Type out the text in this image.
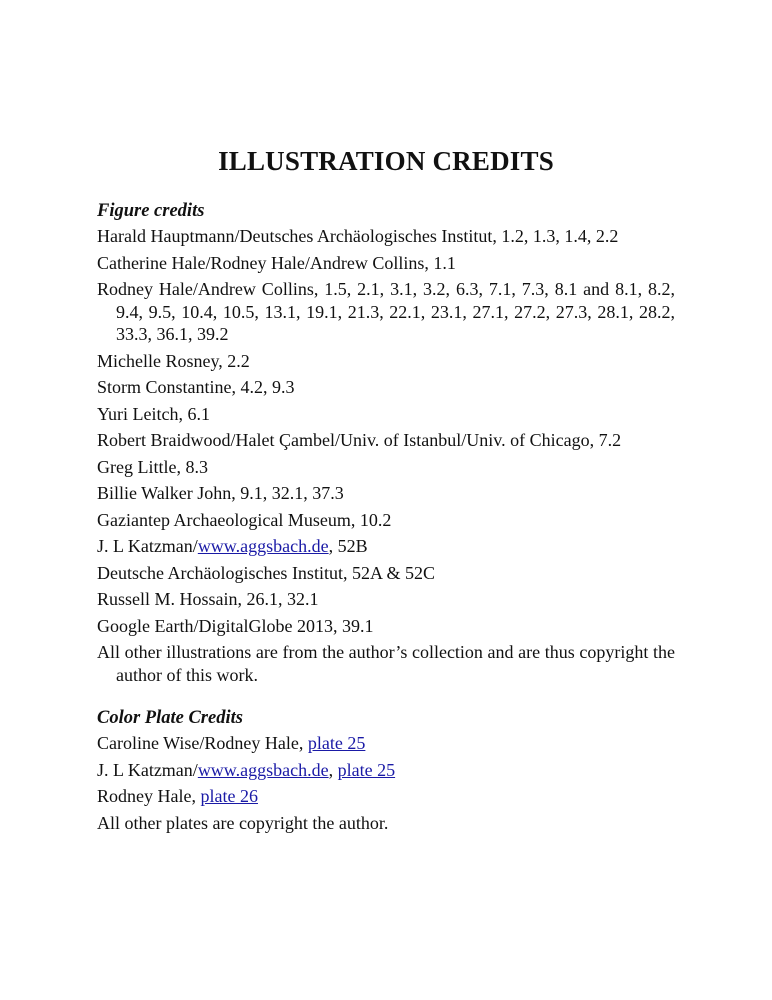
ILLUSTRATION CREDITS
Figure credits
Harald Hauptmann/Deutsches Archäologisches Institut, 1.2, 1.3, 1.4, 2.2
Catherine Hale/Rodney Hale/Andrew Collins, 1.1
Rodney Hale/Andrew Collins, 1.5, 2.1, 3.1, 3.2, 6.3, 7.1, 7.3, 8.1 and 8.1, 8.2, 9.4, 9.5, 10.4, 10.5, 13.1, 19.1, 21.3, 22.1, 23.1, 27.1, 27.2, 27.3, 28.1, 28.2, 33.3, 36.1, 39.2
Michelle Rosney, 2.2
Storm Constantine, 4.2, 9.3
Yuri Leitch, 6.1
Robert Braidwood/Halet Çambel/Univ. of Istanbul/Univ. of Chicago, 7.2
Greg Little, 8.3
Billie Walker John, 9.1, 32.1, 37.3
Gaziantep Archaeological Museum, 10.2
J. L Katzman/www.aggsbach.de, 52B
Deutsche Archäologisches Institut, 52A & 52C
Russell M. Hossain, 26.1, 32.1
Google Earth/DigitalGlobe 2013, 39.1
All other illustrations are from the author’s collection and are thus copyright the author of this work.
Color Plate Credits
Caroline Wise/Rodney Hale, plate 25
J. L Katzman/www.aggsbach.de, plate 25
Rodney Hale, plate 26
All other plates are copyright the author.
